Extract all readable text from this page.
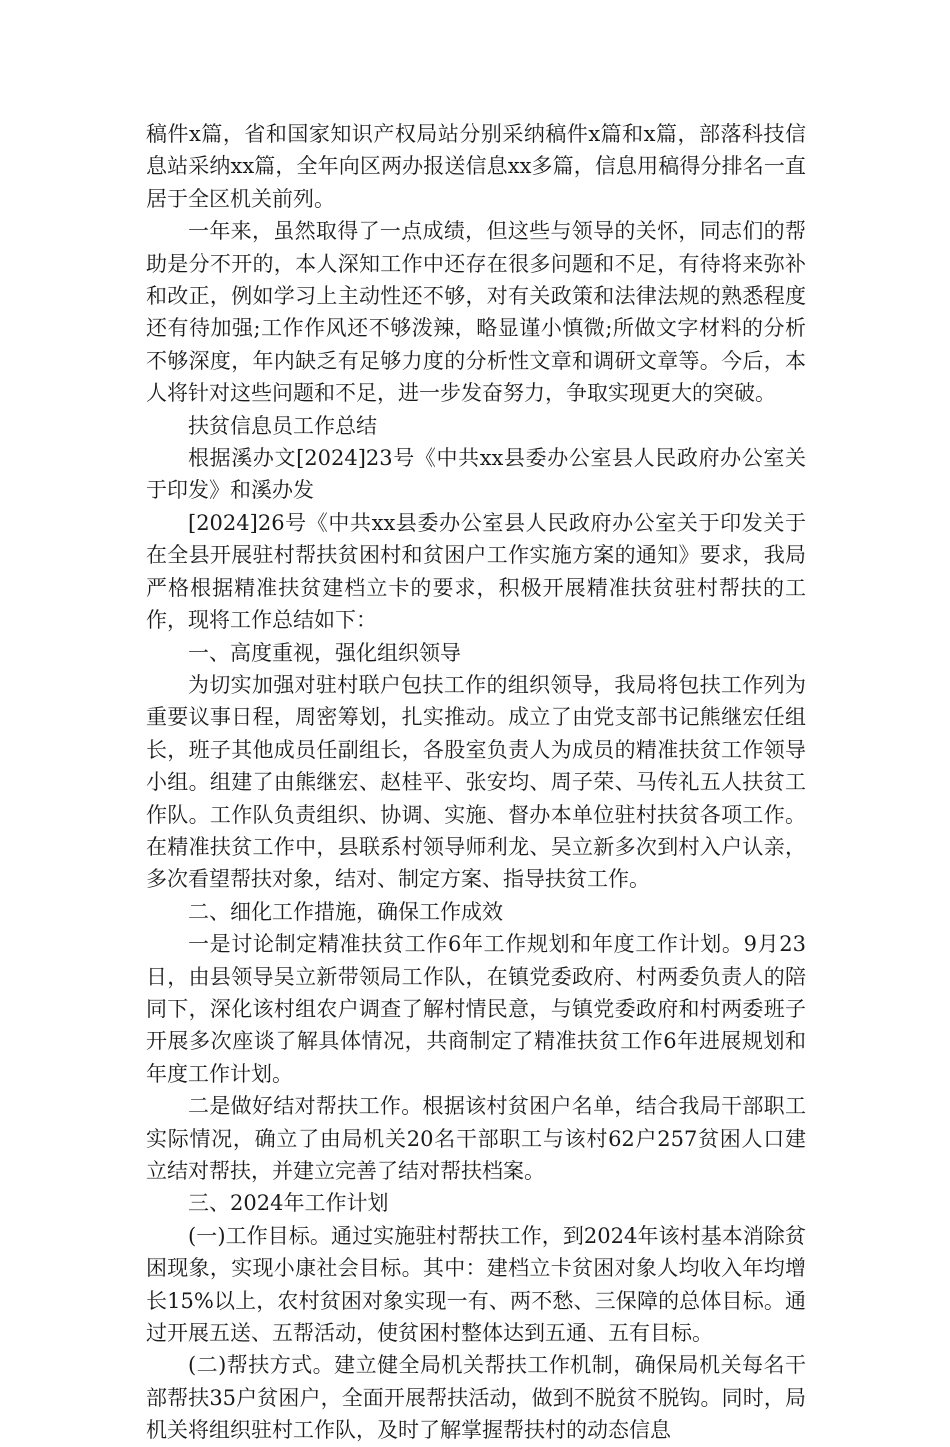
稿件x篇，省和国家知识产权局站分别采纳稿件x篇和x篇，部落科技信息站采纳xx篇，全年向区两办报送信息xx多篇，信息用稿得分排名一直居于全区机关前列。

一年来，虽然取得了一点成绩，但这些与领导的关怀，同志们的帮助是分不开的，本人深知工作中还存在很多问题和不足，有待将来弥补和改正，例如学习上主动性还不够，对有关政策和法律法规的熟悉程度还有待加强;工作作风还不够泼辣，略显谨小慎微;所做文字材料的分析不够深度，年内缺乏有足够力度的分析性文章和调研文章等。今后，本人将针对这些问题和不足，进一步发奋努力，争取实现更大的突破。

扶贫信息员工作总结

根据溪办文[2024]23号《中共xx县委办公室县人民政府办公室关于印发》和溪办发

[2024]26号《中共xx县委办公室县人民政府办公室关于印发关于在全县开展驻村帮扶贫困村和贫困户工作实施方案的通知》要求，我局严格根据精准扶贫建档立卡的要求，积极开展精准扶贫驻村帮扶的工作，现将工作总结如下：

一、高度重视，强化组织领导

为切实加强对驻村联户包扶工作的组织领导，我局将包扶工作列为重要议事日程，周密筹划，扎实推动。成立了由党支部书记熊继宏任组长，班子其他成员任副组长，各股室负责人为成员的精准扶贫工作领导小组。组建了由熊继宏、赵桂平、张安均、周子荣、马传礼五人扶贫工作队。工作队负责组织、协调、实施、督办本单位驻村扶贫各项工作。在精准扶贫工作中，县联系村领导师利龙、吴立新多次到村入户认亲，多次看望帮扶对象，结对、制定方案、指导扶贫工作。

二、细化工作措施，确保工作成效

一是讨论制定精准扶贫工作6年工作规划和年度工作计划。9月23日，由县领导吴立新带领局工作队，在镇党委政府、村两委负责人的陪同下，深化该村组农户调查了解村情民意，与镇党委政府和村两委班子开展多次座谈了解具体情况，共商制定了精准扶贫工作6年进展规划和年度工作计划。

二是做好结对帮扶工作。根据该村贫困户名单，结合我局干部职工实际情况，确立了由局机关20名干部职工与该村62户257贫困人口建立结对帮扶，并建立完善了结对帮扶档案。

三、2024年工作计划

(一)工作目标。通过实施驻村帮扶工作，到2024年该村基本消除贫困现象，实现小康社会目标。其中：建档立卡贫困对象人均收入年均增长15%以上，农村贫困对象实现一有、两不愁、三保障的总体目标。通过开展五送、五帮活动，使贫困村整体达到五通、五有目标。

(二)帮扶方式。建立健全局机关帮扶工作机制，确保局机关每名干部帮扶35户贫困户，全面开展帮扶活动，做到不脱贫不脱钩。同时，局机关将组织驻村工作队，及时了解掌握帮扶村的动态信息
